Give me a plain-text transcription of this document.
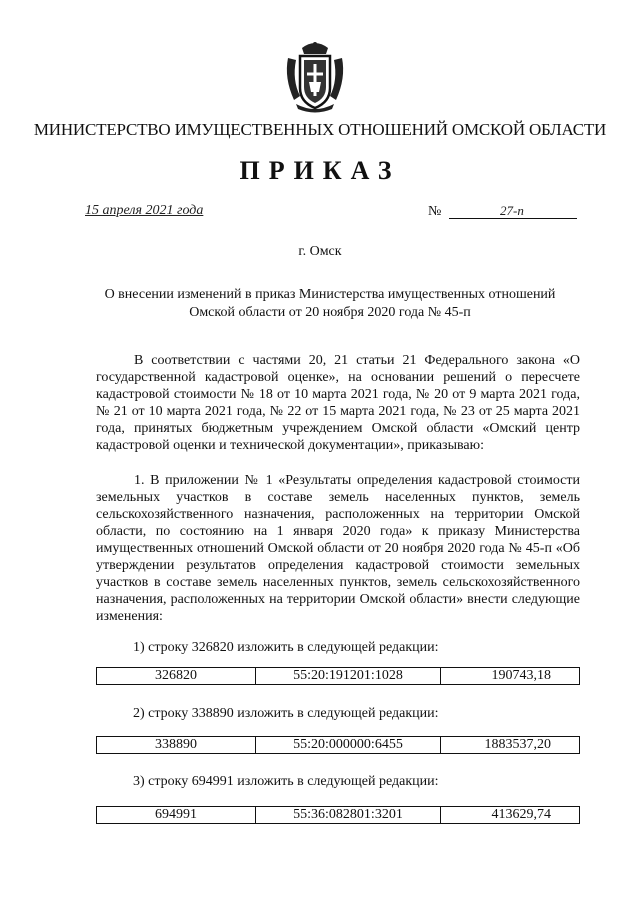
МИНИСТЕРСТВО ИМУЩЕСТВЕННЫХ ОТНОШЕНИЙ ОМСКОЙ ОБЛАСТИ
ПРИКАЗ
15 апреля 2021 года	№	27-п
г. Омск
О внесении изменений в приказ Министерства имущественных отношений Омской области от 20 ноября 2020 года № 45-п
В соответствии с частями 20, 21 статьи 21 Федерального закона «О государственной кадастровой оценке», на основании решений о пересчете кадастровой стоимости № 18 от 10 марта 2021 года, № 20 от 9 марта 2021 года, № 21 от 10 марта 2021 года, № 22 от 15 марта 2021 года, № 23 от 25 марта 2021 года, принятых бюджетным учреждением Омской области «Омский центр кадастровой оценки и технической документации», приказываю:
1. В приложении № 1 «Результаты определения кадастровой стоимости земельных участков в составе земель населенных пунктов, земель сельскохозяйственного назначения, расположенных на территории Омской области, по состоянию на 1 января 2020 года» к приказу Министерства имущественных отношений Омской области от 20 ноября 2020 года № 45-п «Об утверждении результатов определения кадастровой стоимости земельных участков в составе земель населенных пунктов, земель сельскохозяйственного назначения, расположенных на территории Омской области» внести следующие изменения:
1) строку 326820 изложить в следующей редакции:
326820	55:20:191201:1028	190743,18
2) строку 338890 изложить в следующей редакции:
338890	55:20:000000:6455	1883537,20
3) строку 694991 изложить в следующей редакции:
694991	55:36:082801:3201	413629,74
